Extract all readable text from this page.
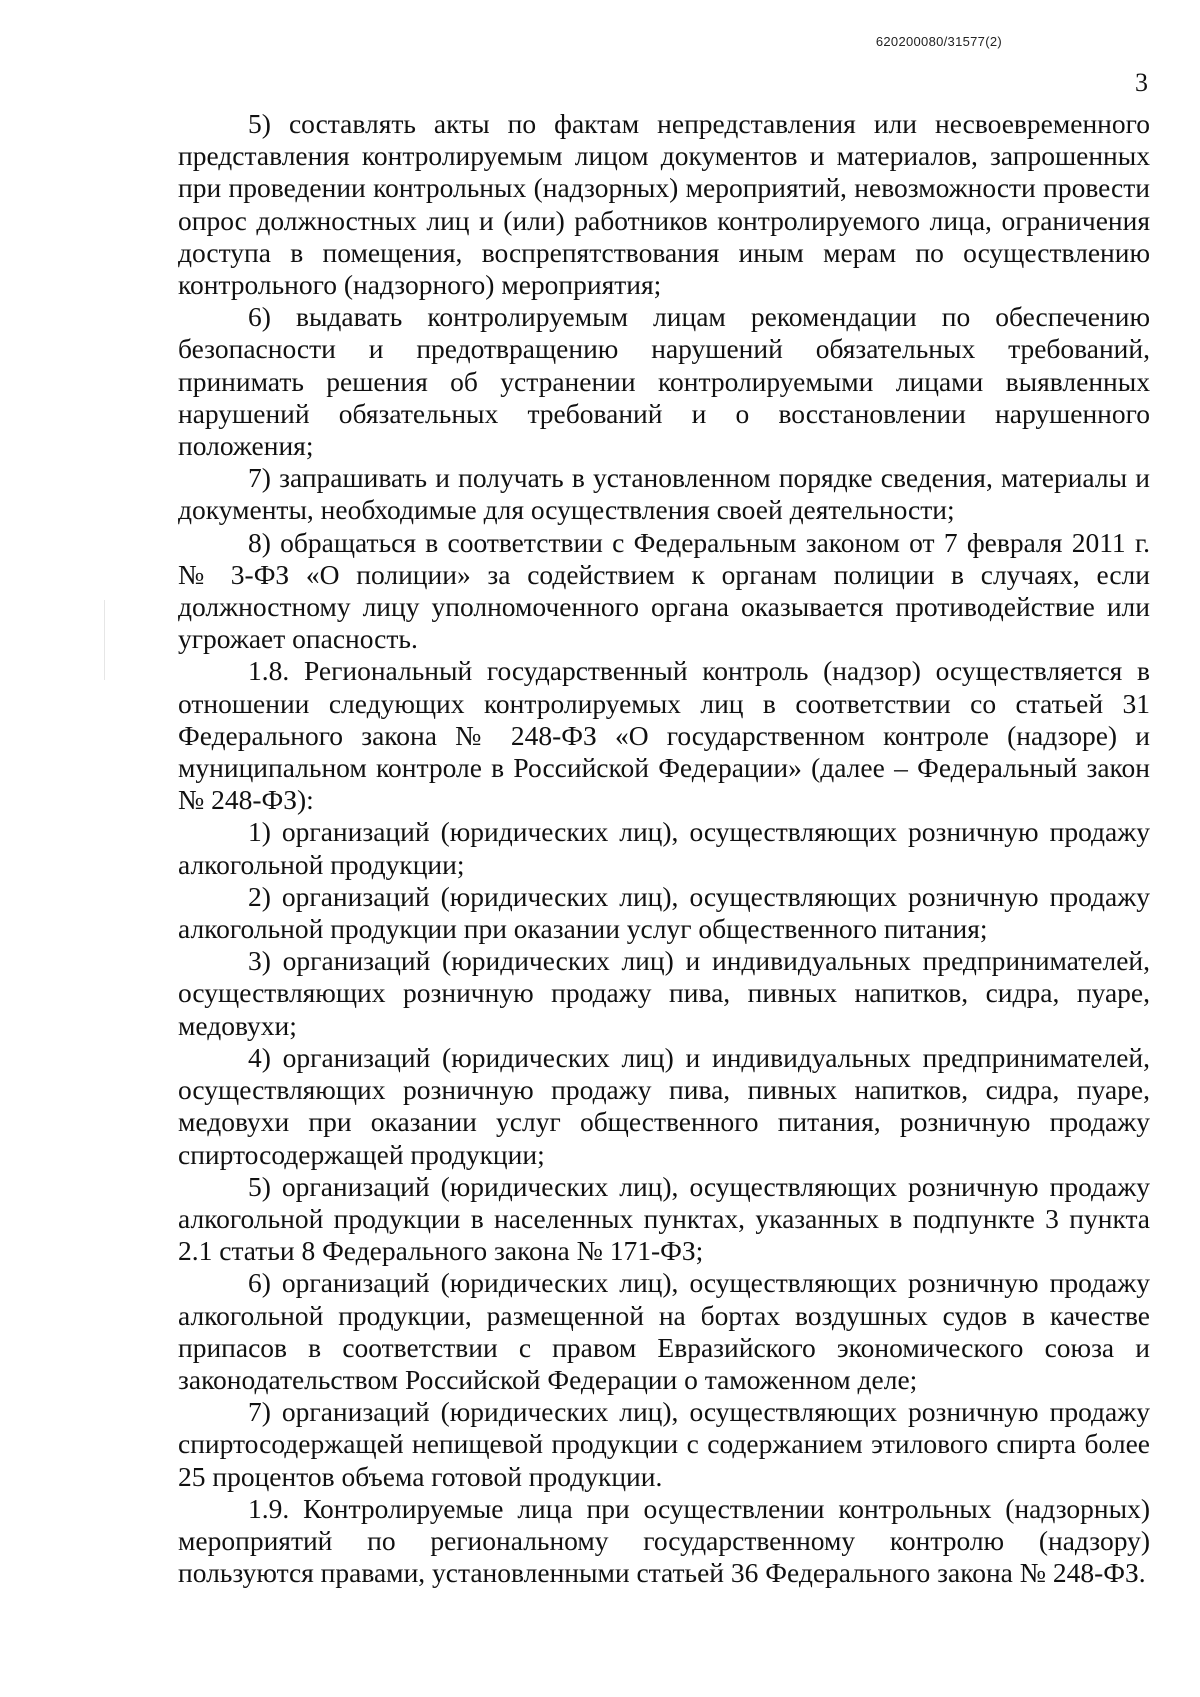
620200080/31577(2)
3

5) составлять акты по фактам непредставления или несвоевременного представления контролируемым лицом документов и материалов, запрошенных при проведении контрольных (надзорных) мероприятий, невозможности провести опрос должностных лиц и (или) работников контролируемого лица, ограничения доступа в помещения, воспрепятствования иным мерам по осуществлению контрольного (надзорного) мероприятия;

6) выдавать контролируемым лицам рекомендации по обеспечению безопасности и предотвращению нарушений обязательных требований, принимать решения об устранении контролируемыми лицами выявленных нарушений обязательных требований и о восстановлении нарушенного положения;

7) запрашивать и получать в установленном порядке сведения, материалы и документы, необходимые для осуществления своей деятельности;

8) обращаться в соответствии с Федеральным законом от 7 февраля 2011 г. № 3-ФЗ «О полиции» за содействием к органам полиции в случаях, если должностному лицу уполномоченного органа оказывается противодействие или угрожает опасность.

1.8. Региональный государственный контроль (надзор) осуществляется в отношении следующих контролируемых лиц в соответствии со статьей 31 Федерального закона № 248-ФЗ «О государственном контроле (надзоре) и муниципальном контроле в Российской Федерации» (далее – Федеральный закон № 248-ФЗ):

1) организаций (юридических лиц), осуществляющих розничную продажу алкогольной продукции;

2) организаций (юридических лиц), осуществляющих розничную продажу алкогольной продукции при оказании услуг общественного питания;

3) организаций (юридических лиц) и индивидуальных предпринимателей, осуществляющих розничную продажу пива, пивных напитков, сидра, пуаре, медовухи;

4) организаций (юридических лиц) и индивидуальных предпринимателей, осуществляющих розничную продажу пива, пивных напитков, сидра, пуаре, медовухи при оказании услуг общественного питания, розничную продажу спиртосодержащей продукции;

5) организаций (юридических лиц), осуществляющих розничную продажу алкогольной продукции в населенных пунктах, указанных в подпункте 3 пункта 2.1 статьи 8 Федерального закона № 171-ФЗ;

6) организаций (юридических лиц), осуществляющих розничную продажу алкогольной продукции, размещенной на бортах воздушных судов в качестве припасов в соответствии с правом Евразийского экономического союза и законодательством Российской Федерации о таможенном деле;

7) организаций (юридических лиц), осуществляющих розничную продажу спиртосодержащей непищевой продукции с содержанием этилового спирта более 25 процентов объема готовой продукции.

1.9. Контролируемые лица при осуществлении контрольных (надзорных) мероприятий по региональному государственному контролю (надзору) пользуются правами, установленными статьей 36 Федерального закона № 248-ФЗ.
